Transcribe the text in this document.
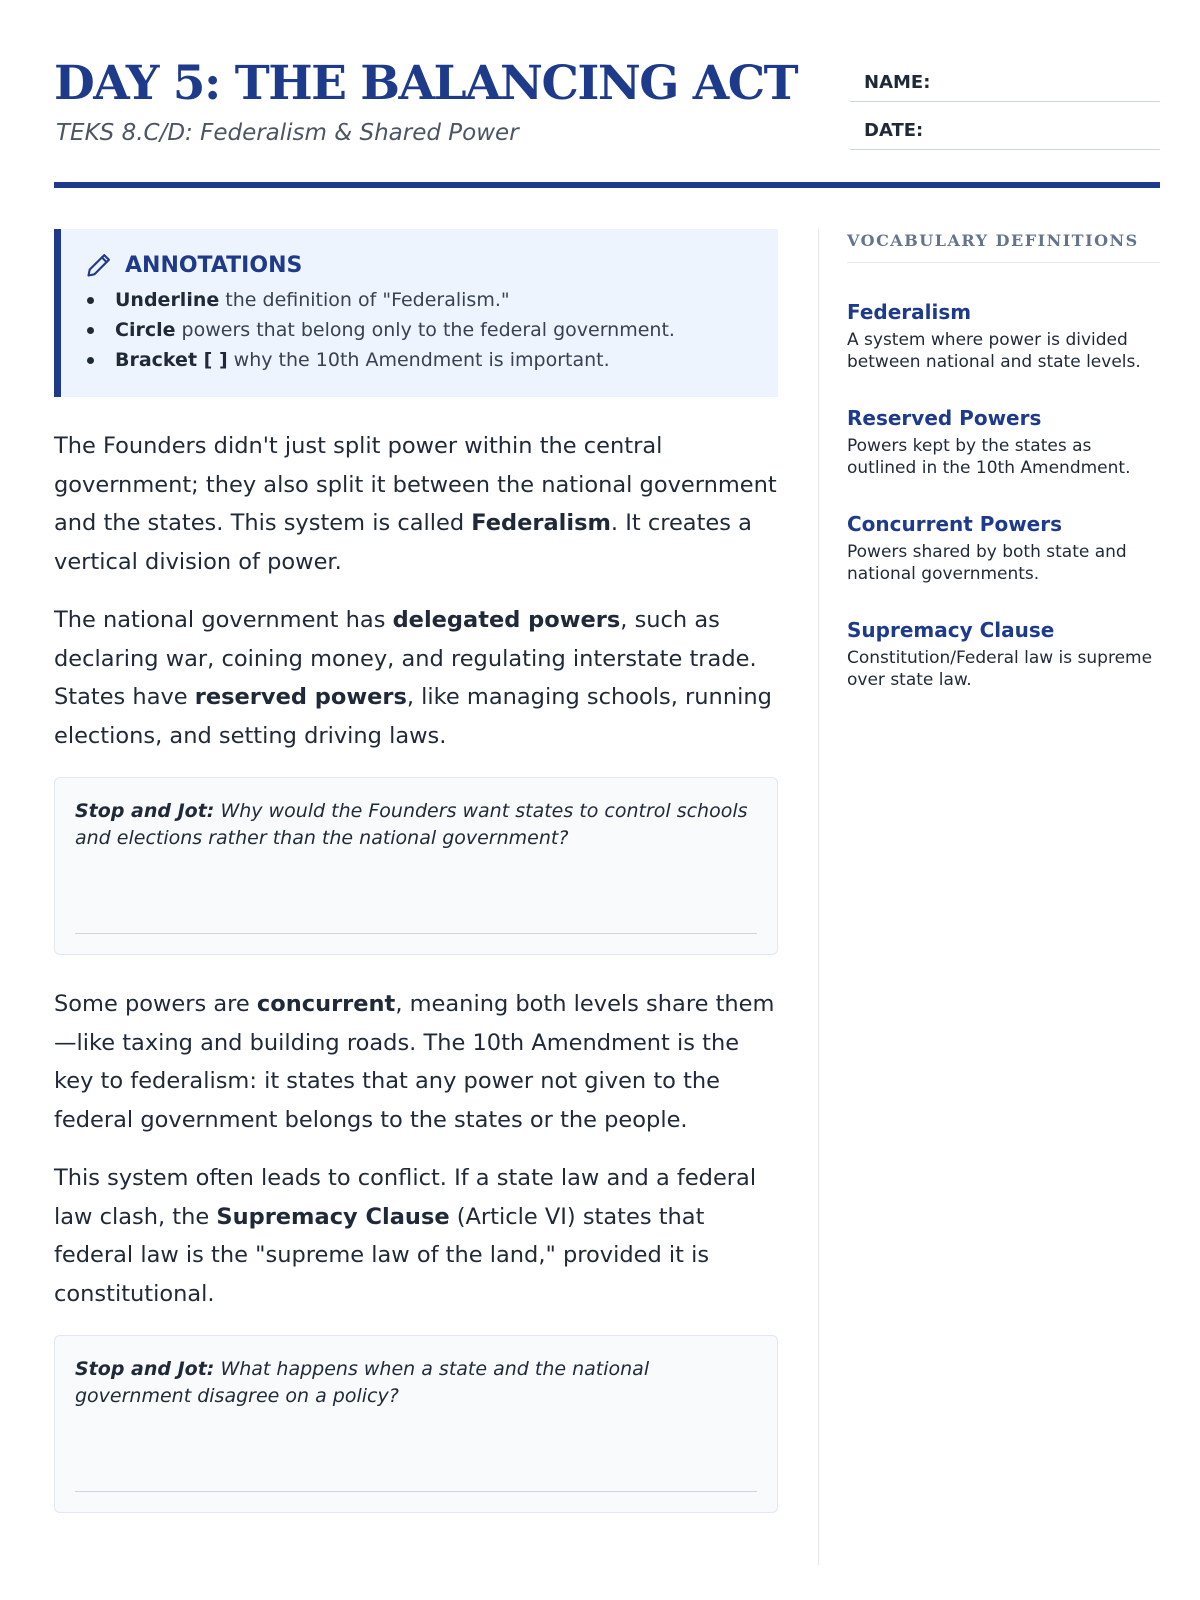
DAY 5: THE BALANCING ACT
TEKS 8.C/D: Federalism & Shared Power
NAME:
DATE:
ANNOTATIONS
Underline the definition of "Federalism."
Circle powers that belong only to the federal government.
Bracket [ ] why the 10th Amendment is important.

The Founders didn't just split power within the central government; they also split it between the national government and the states. This system is called Federalism. It creates a vertical division of power.

The national government has delegated powers, such as declaring war, coining money, and regulating interstate trade. States have reserved powers, like managing schools, running elections, and setting driving laws.

Stop and Jot: Why would the Founders want states to control schools and elections rather than the national government?

Some powers are concurrent, meaning both levels share them—like taxing and building roads. The 10th Amendment is the key to federalism: it states that any power not given to the federal government belongs to the states or the people.

This system often leads to conflict. If a state law and a federal law clash, the Supremacy Clause (Article VI) states that federal law is the "supreme law of the land," provided it is constitutional.

Stop and Jot: What happens when a state and the national government disagree on a policy?

VOCABULARY DEFINITIONS
Federalism

A system where power is divided between national and state levels.

Reserved Powers

Powers kept by the states as outlined in the 10th Amendment.

Concurrent Powers

Powers shared by both state and national governments.

Supremacy Clause

Constitution/Federal law is supreme over state law.
